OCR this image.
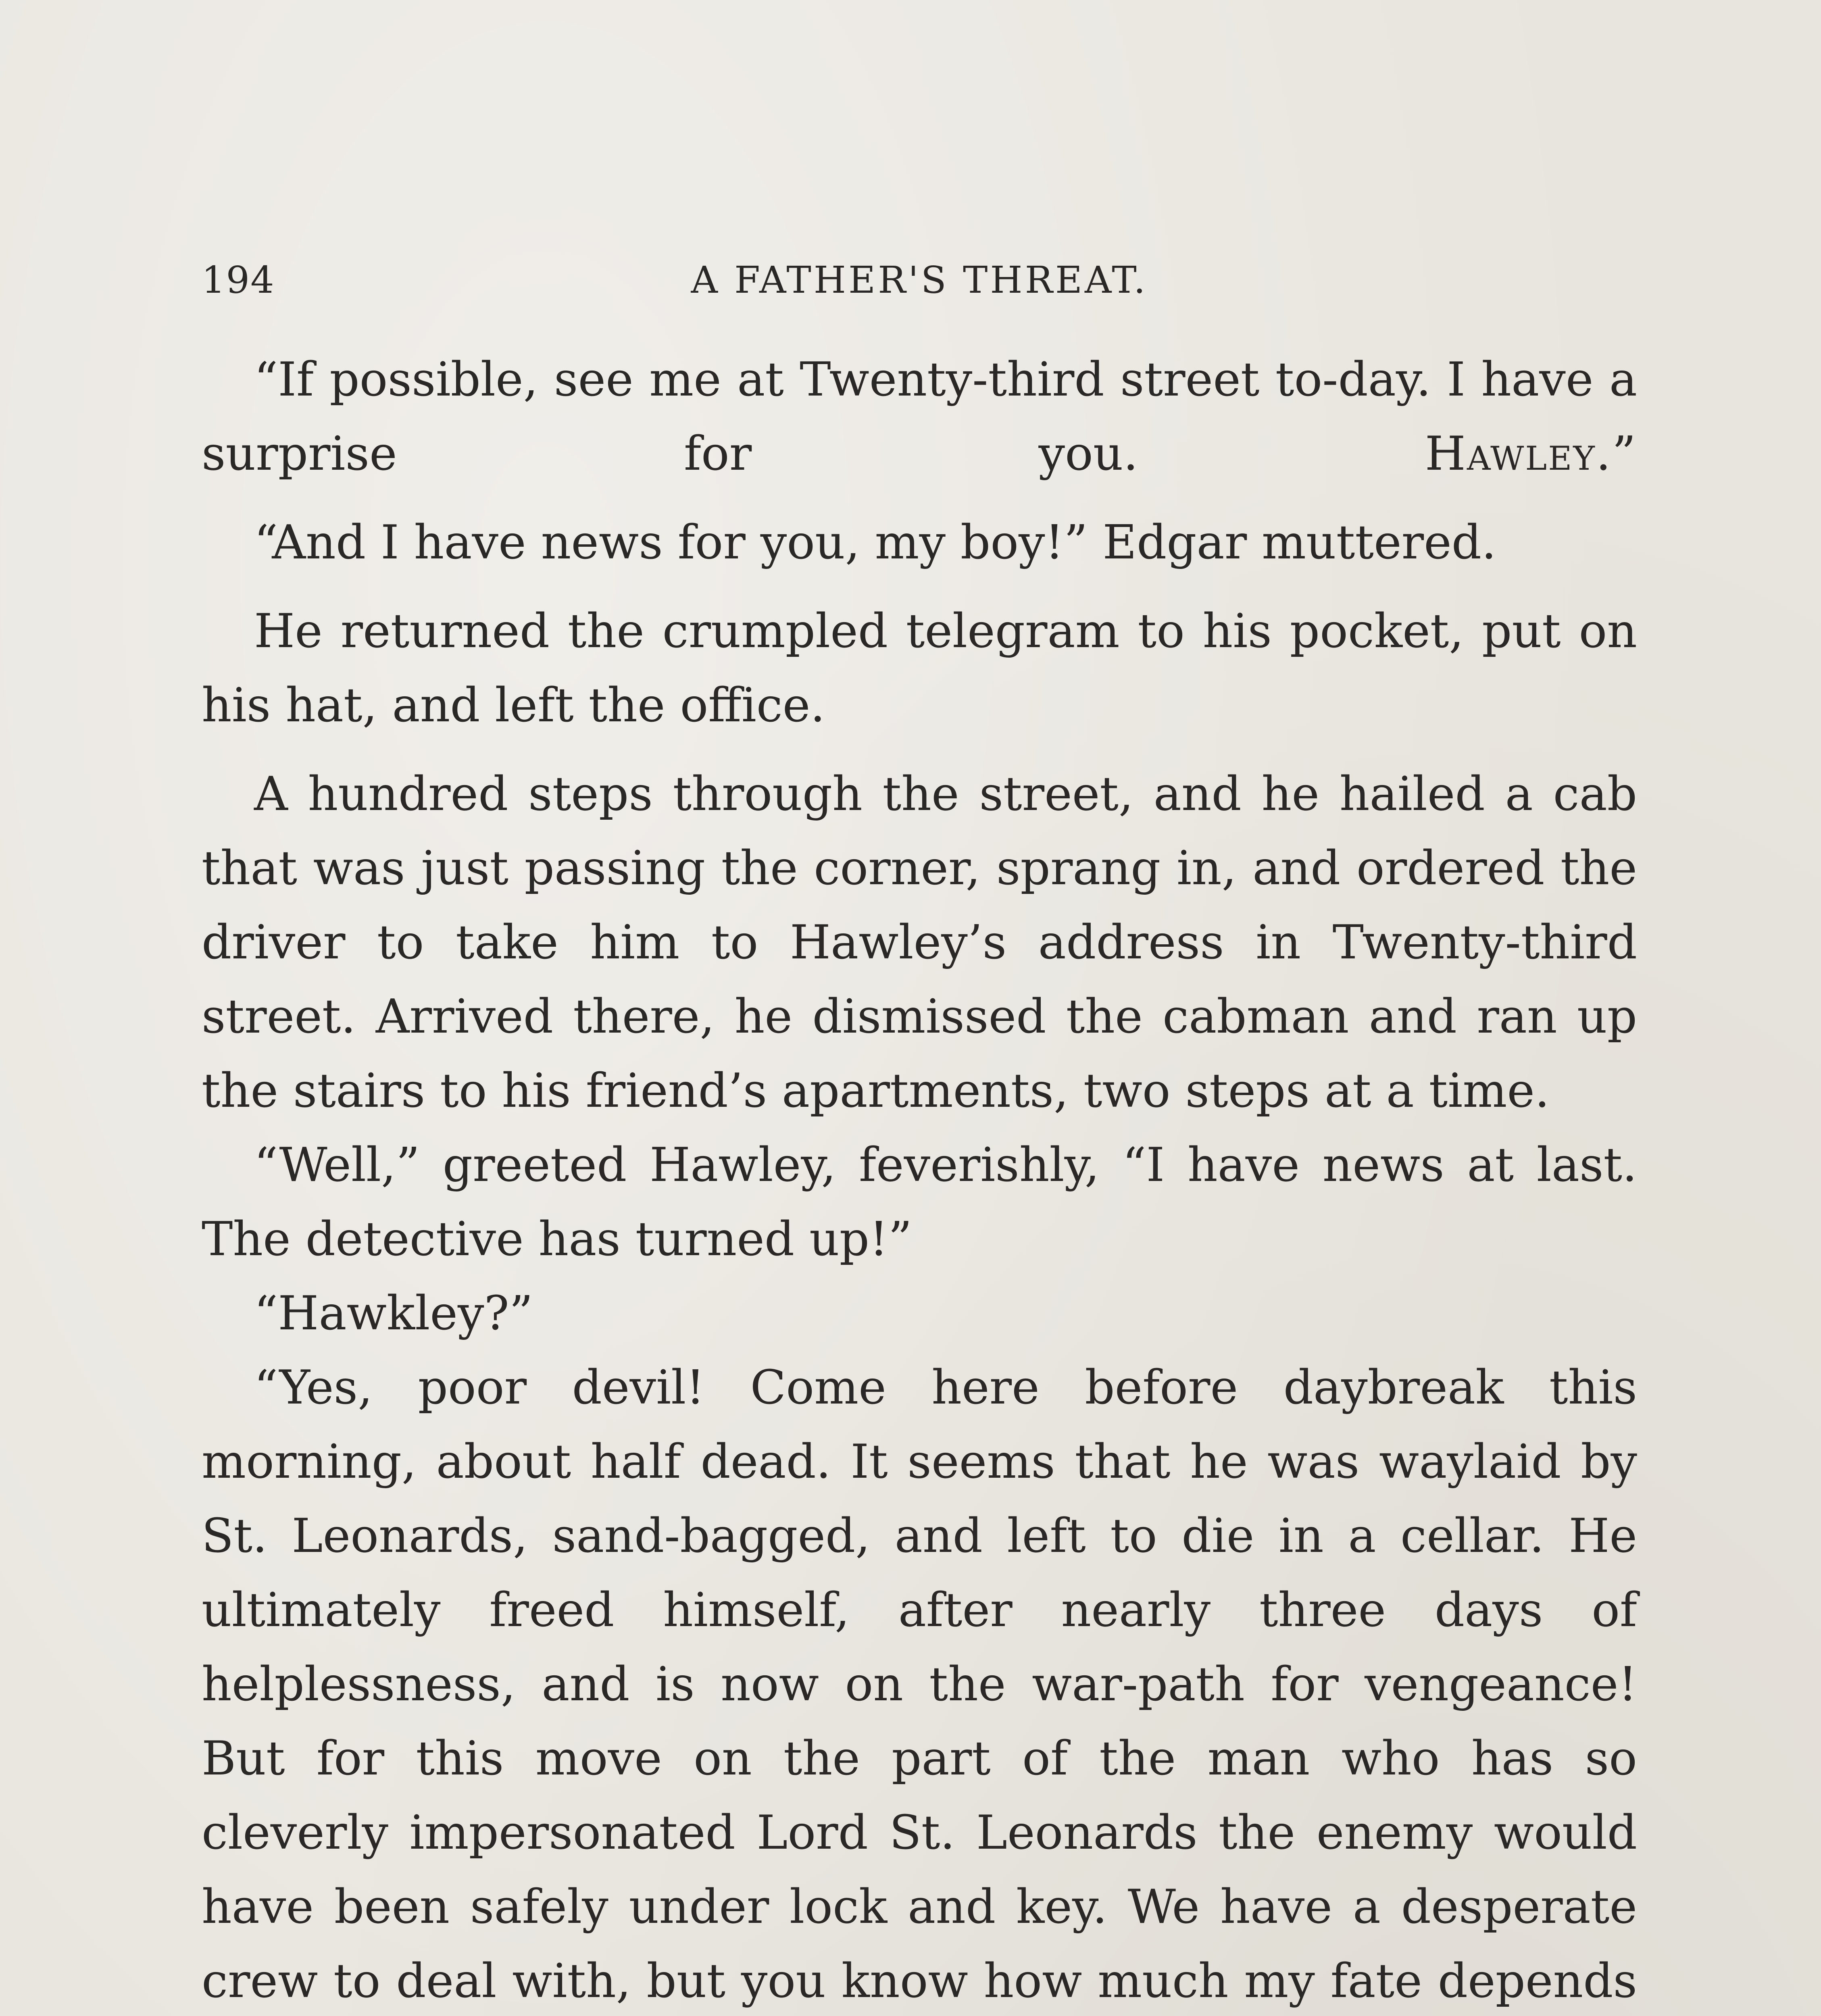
194	A FATHER'S THREAT.

“If possible, see me at Twenty-third street to-day. I have a surprise for you.	Hawley.”

“And I have news for you, my boy!” Edgar muttered.

He returned the crumpled telegram to his pocket, put on his hat, and left the office.

A hundred steps through the street, and he hailed a cab that was just passing the corner, sprang in, and ordered the driver to take him to Hawley’s address in Twenty-third street. Arrived there, he dismissed the cabman and ran up the stairs to his friend’s apartments, two steps at a time.

“Well,” greeted Hawley, feverishly, “I have news at last. The detective has turned up!”

“Hawkley?”

“Yes, poor devil! Come here before daybreak this morning, about half dead. It seems that he was waylaid by St. Leonards, sand-bagged, and left to die in a cellar. He ultimately freed himself, after nearly three days of helplessness, and is now on the war-path for vengeance! But for this move on the part of the man who has so cleverly impersonated Lord St. Leonards the enemy would have been safely under lock and key. We have a desperate crew to deal with, but you know how much my fate depends
